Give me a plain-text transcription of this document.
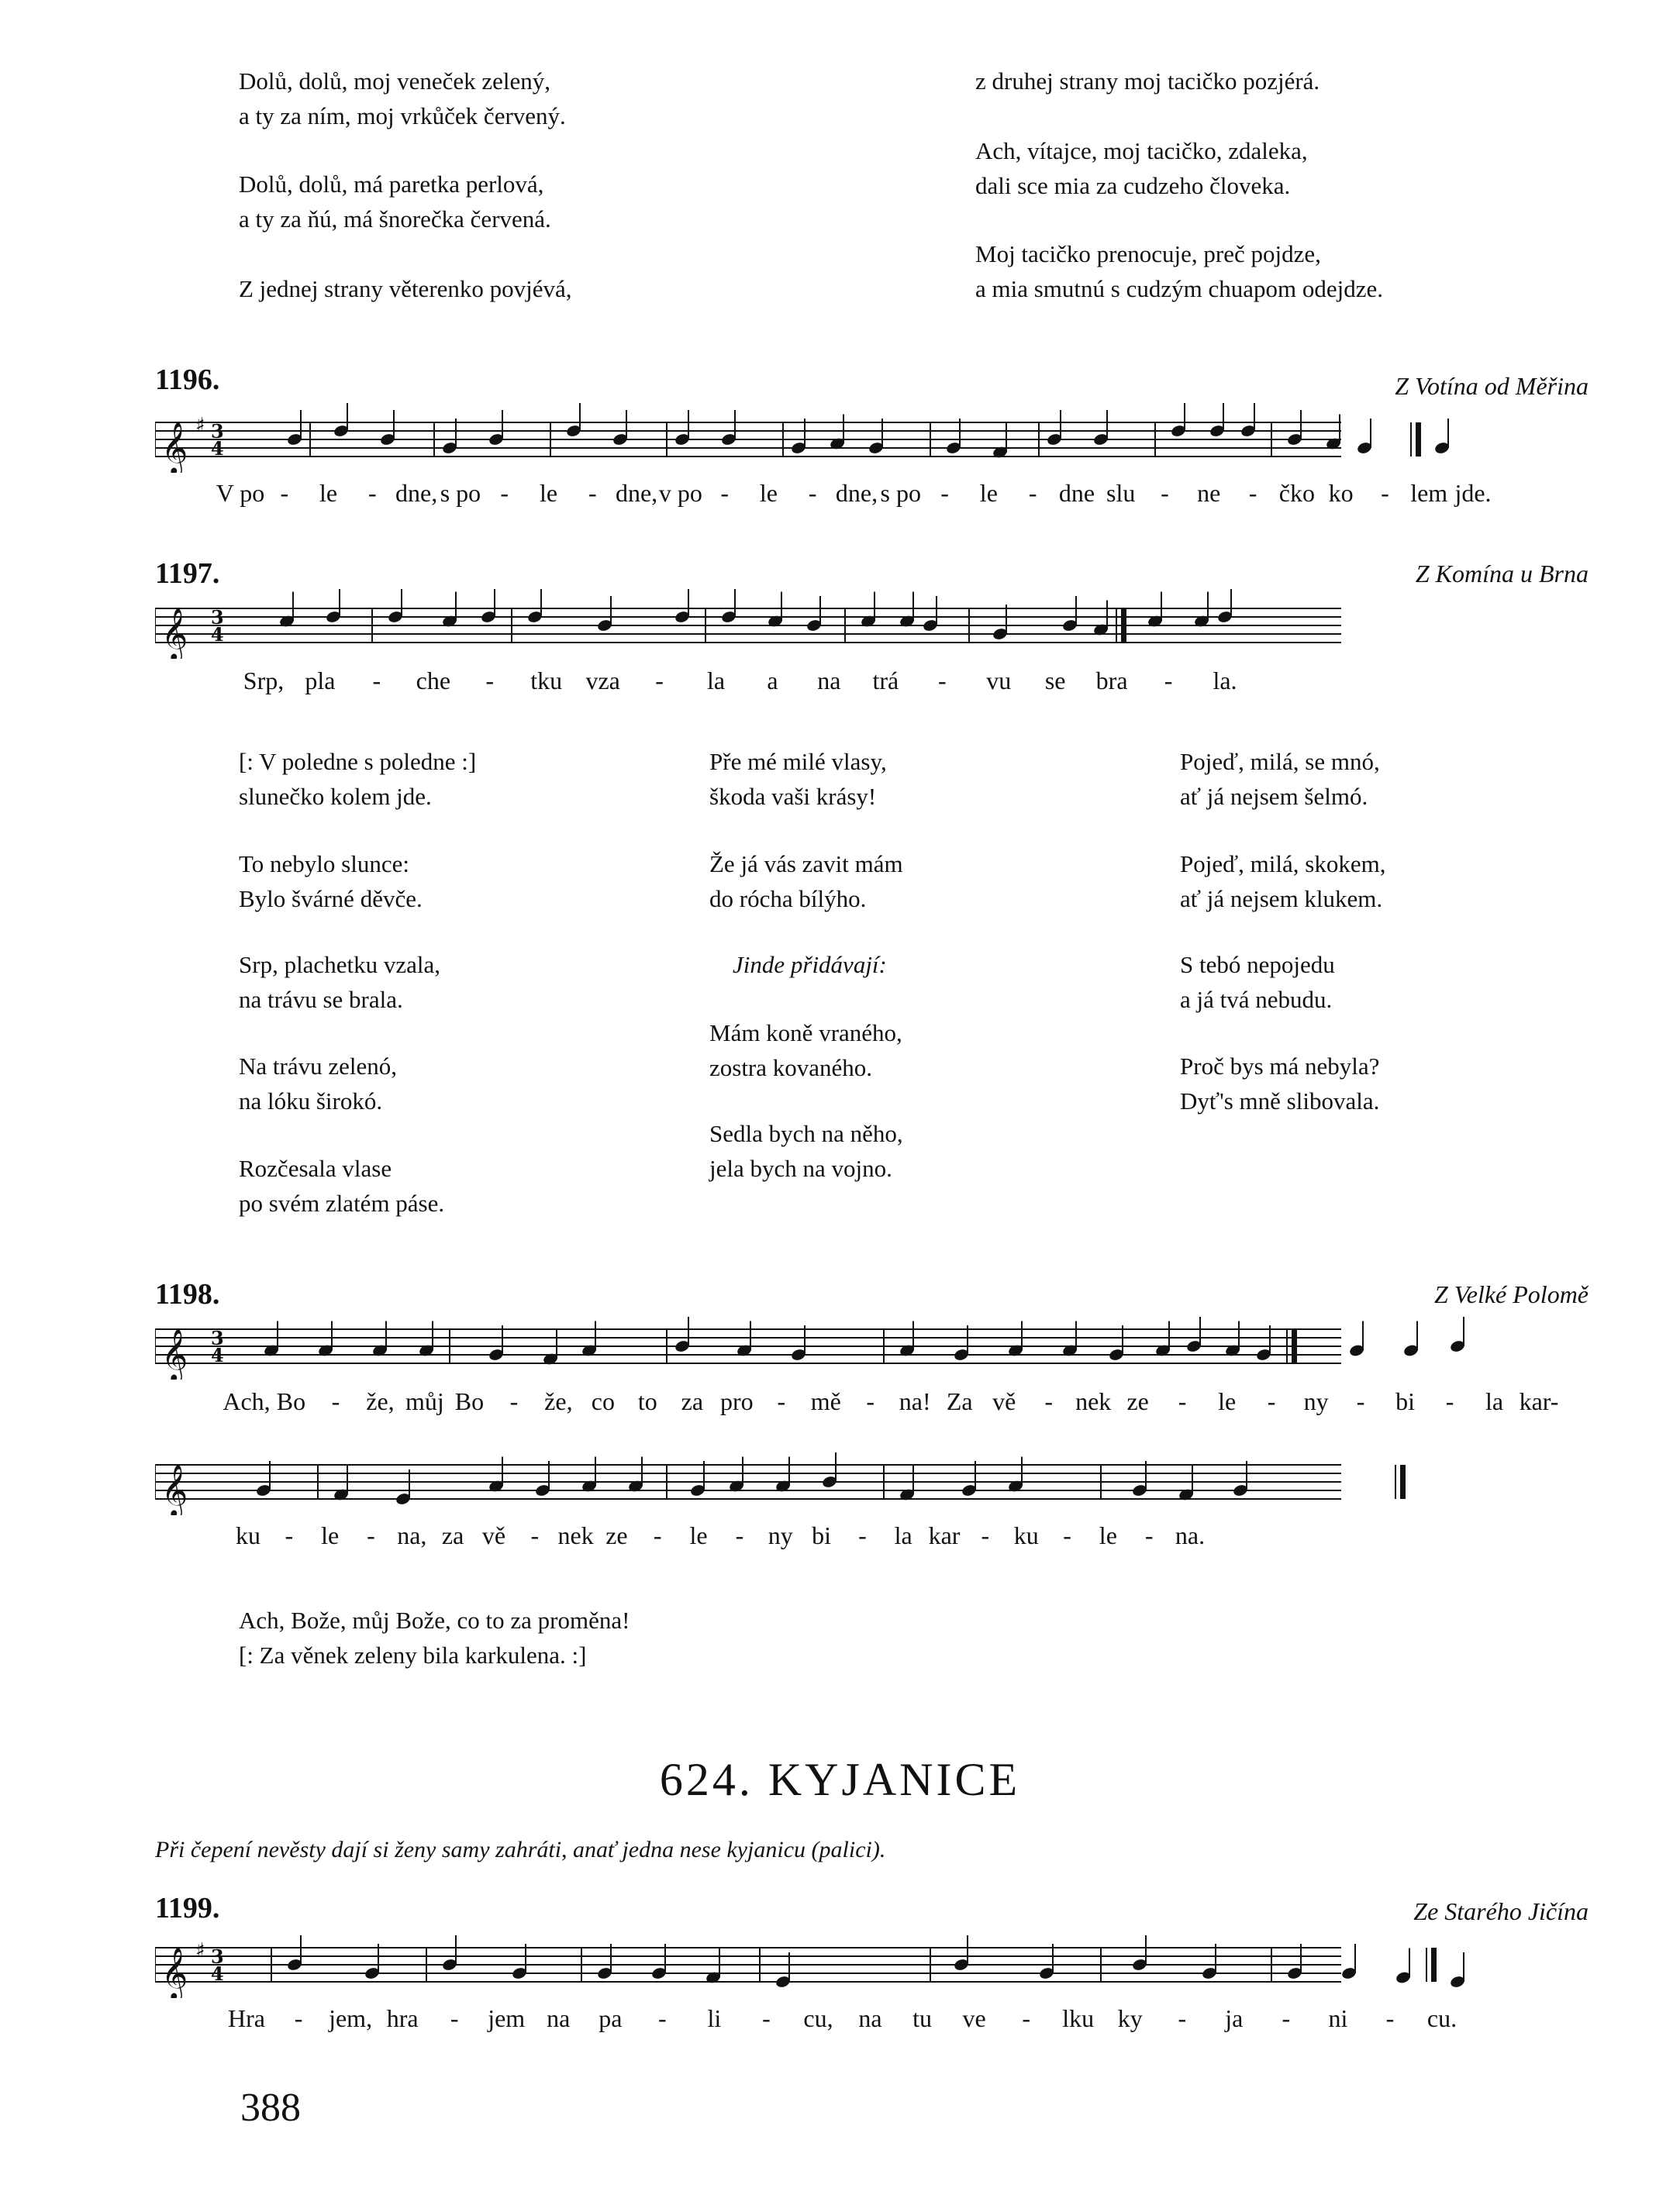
Dolů, dolů, moj veneček zelený,
a ty za ním, moj vrkůček červený.
Dolů, dolů, má paretka perlová,
a ty za ňú, má šnorečka červená.
Z jednej strany věterenko povjévá,
z druhej strany moj tacičko pozjérá.
Ach, vítajce, moj tacičko, zdaleka,
dali sce mia za cudzeho človeka.
Moj tacičko prenocuje, preč pojdze,
a mia smutnú s cudzým chuapom odejdze.
1196.	Z Votína od Měřina
𝄞 ♯ 3
4
1197.	Z Komína u Brna
𝄞 3
4
[: V poledne s poledne :]
slunečko kolem jde.
To nebylo slunce:
Bylo švárné děvče.
Srp, plachetku vzala,
na trávu se brala.
Na trávu zelenó,
na lóku širokó.
Rozčesala vlase
po svém zlatém páse.
Pře mé milé vlasy,
škoda vaši krásy!
Že já vás zavit mám
do rócha bílýho.
Jinde přidávají:
Mám koně vraného,
zostra kovaného.
Sedla bych na něho,
jela bych na vojno.
Pojeď, milá, se mnó,
ať já nejsem šelmó.
Pojeď, milá, skokem,
ať já nejsem klukem.
S tebó nepojedu
a já tvá nebudu.
Proč bys má nebyla?
Dyť's mně slibovala.
1198.	Z Velké Polomě
𝄞 3
4
𝄞
Ach, Bože, můj Bože, co to za proměna!
[: Za věnek zeleny bila karkulena. :]
624. KYJANICE
Při čepení nevěsty dají si ženy samy zahráti, anať jedna nese kyjanicu (palici).
1199.	Ze Starého Jičína
𝄞 ♯ 3
4
388
V po - le - dne, s po - le - dne, v po - le - dne, s po - le - dne slu - ne - čko ko - lem jde.
Srp, pla - che - tku vza - la a na trá - vu se bra - la.
Ach, Bo - že, můj Bo - že, co to za pro - mě - na! Za vě - nek ze - le - ny - bi - la kar-
ku - le - na, za vě - nek ze - le - ny bi - la kar - ku - le - na.
Hra - jem, hra - jem na pa - li - cu, na tu ve - lku ky - ja - ni - cu.
